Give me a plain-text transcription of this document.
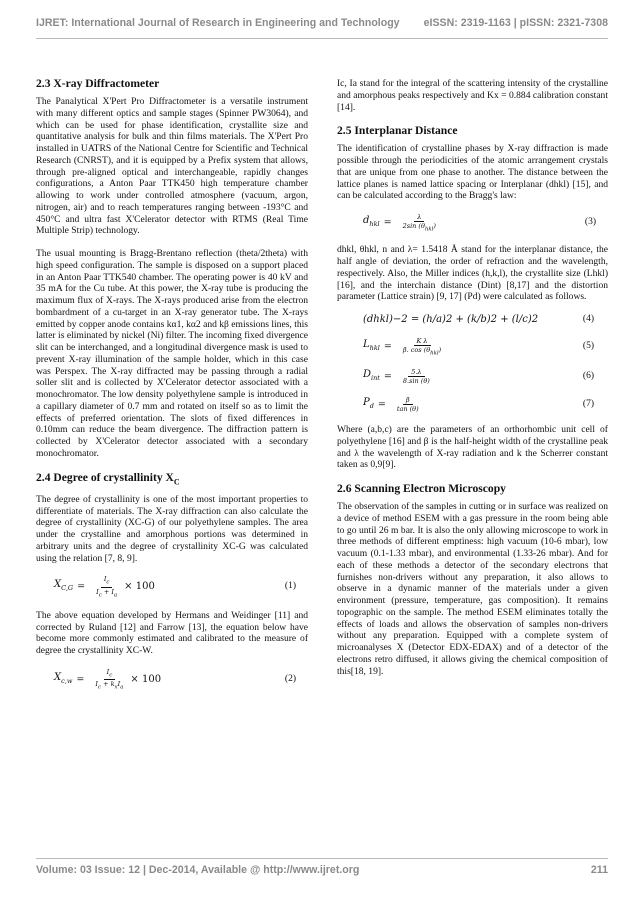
IJRET: International Journal of Research in Engineering and Technology eISSN: 2319-1163 | pISSN: 2321-7308
2.3 X-ray Diffractometer

The Panalytical X'Pert Pro Diffractometer is a versatile instrument with many different optics and sample stages (Spinner PW3064), and which can be used for phase identification, crystallite size and quantitative analysis for bulk and thin films materials. The X'Pert Pro installed in UATRS of the National Centre for Scientific and Technical Research (CNRST), and it is equipped by a Prefix system that allows, through pre-aligned optical and interchangeable, rapidly changes configurations, a Anton Paar TTK450 high temperature chamber allowing to work under controlled atmosphere (vacuum, argon, nitrogen, air) and to reach temperatures ranging between -193°C and 450°C and ultra fast X'Celerator detector with RTMS (Real Time Multiple Strip) technology.

The usual mounting is Bragg-Brentano reflection (theta/2theta) with high speed configuration. The sample is disposed on a support placed in an Anton Paar TTK540 chamber. The operating power is 40 kV and 35 mA for the Cu tube. At this power, the X-ray tube is producing the maximum flux of X-rays. The X-rays produced arise from the electron bombardment of a cu-target in an X-ray generator tube. The X-rays emitted by copper anode contains kα1, kα2 and kβ emissions lines, this latter is eliminated by nickel (Ni) filter. The incoming fixed divergence slit can be interchanged, and a longitudinal divergence mask is used to prevent X-ray illumination of the sample holder, which in this case was Perspex. The X-ray diffracted may be passing through a radial soller slit and is collected by X'Celerator detector associated with a monochromator. The low density polyethylene sample is introduced in a capillary diameter of 0.7 mm and rotated on itself so as to limit the effects of preferred orientation. The slots of fixed differences in 0.10mm can reduce the beam divergence. The diffraction pattern is collected by X'Celerator detector associated with a secondary monochromator.

2.4 Degree of crystallinity $X_C$

The degree of crystallinity is one of the most important properties to differentiate of materials. The X-ray diffraction can also calculate the degree of crystallinity (XC-G) of our polyethylene samples. The area under the crystalline and amorphous portions was determined in arbitrary units and the degree of crystallinity XC-G was calculated using the relation [7, 8, 9].

$X_{C,G} = \frac{I_c}{I_c + I_a} \times 100$	(1)

The above equation developed by Hermans and Weidinger [11] and corrected by Ruland [12] and Farrow [13], the equation below have become more commonly estimated and calibrated to the measure of degree the crystallinity XC-W.

$X_{c,w} = \frac{I_c}{I_c + k_xI_a} \times 100$	(2)

Ic, Ia stand for the integral of the scattering intensity of the crystalline and amorphous peaks respectively and Kx = 0.884 calibration constant [14].

2.5 Interplanar Distance

The identification of crystalline phases by X-ray diffraction is made possible through the periodicities of the atomic arrangement crystals that are unique from one phase to another. The distance between the lattice planes is named lattice spacing or Interplanar (dhkl) [15], and can be calculated according to the Bragg's law:

$d_{hkl} = \frac{\lambda}{2\sin (\theta_{hkl})}$	(3)

dhkl, θhkl, n and λ= 1.5418 Å stand for the interplanar distance, the half angle of deviation, the order of refraction and the wavelength, respectively. Also, the Miller indices (h,k,l), the crystallite size (Lhkl) [16], and the interchain distance (Dint) [8,17] and the distortion parameter (Lattice strain) [9, 17] (Pd) were calculated as follows.

(dhkl)−2 = (h/a)2 + (k/b)2 + (l/c)2	(4)
$L_{hkl} = \frac{\text{K λ}}{\beta. \cos (\theta_{hkl})}$	(5)
$D_{int} = \frac{5.\lambda}{8.\sin (\theta)}$	(6)
$P_d = \frac{\beta}{\tan (\theta)}$	(7)

Where (a,b,c) are the parameters of an orthorhombic unit cell of polyethylene [16] and β is the half-height width of the crystalline peak and λ the wavelength of X-ray radiation and k the Scherrer constant taken as 0,9[9].

2.6 Scanning Electron Microscopy

The observation of the samples in cutting or in surface was realized on a device of method ESEM with a gas pressure in the room being able to go until 26 m bar. It is also the only allowing microscope to work in three methods of different emptiness: high vacuum (10-6 mbar), low vacuum (0.1-1.33 mbar), and environmental (1.33-26 mbar). And for each of these methods a detector of the secondary electrons that furnishes non-drivers without any preparation, it also allows to observe in a dynamic manner of the materials under a given environment (pressure, temperature, gas composition). It remains topographic on the sample. The method ESEM eliminates totally the effects of loads and allows the observation of samples non-drivers without any preparation. Equipped with a complete system of microanalyses X (Detector EDX-EDAX) and of a detector of the electrons retro diffused, it allows giving the chemical composition of this[18, 19].

Volume: 03 Issue: 12 | Dec-2014, Available @ http://www.ijret.org	211
